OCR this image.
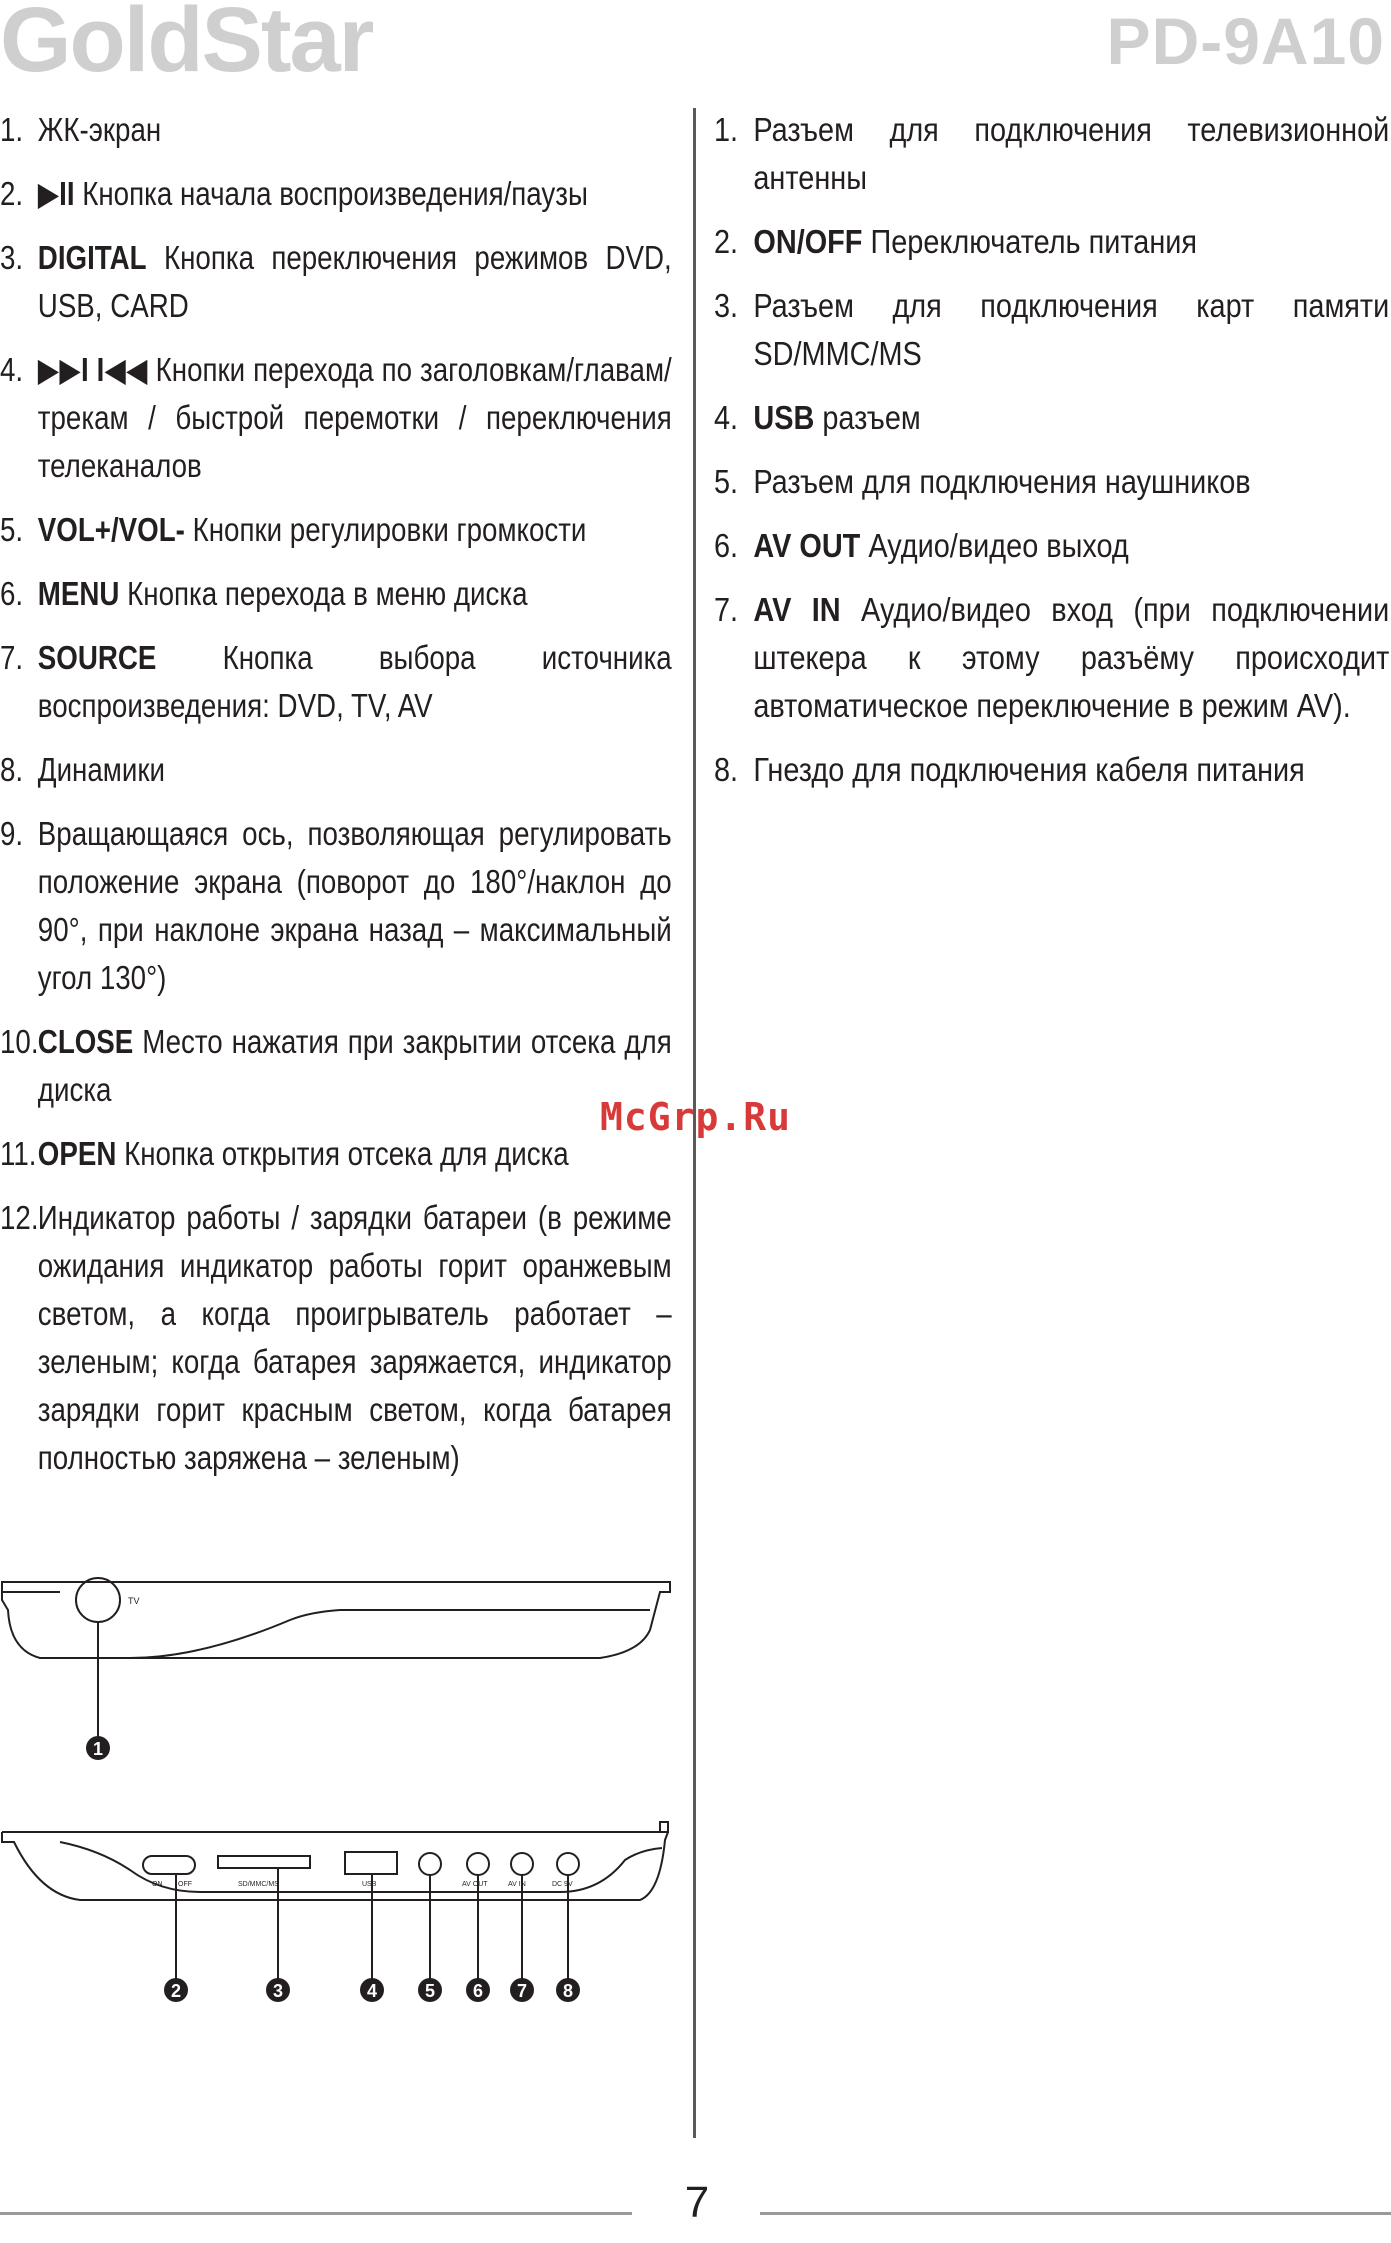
GoldStar	PD-9A10
1. ЖК-экран
2. ▶II Кнопка начала воспроизведения/паузы
3. DIGITAL Кнопка переключения режимов DVD, USB, CARD
4. ▶▶I I◀◀ Кнопки перехода по заголовкам/главам/трекам / быстрой перемотки / переключения телеканалов
5. VOL+/VOL- Кнопки регулировки громкости
6. MENU Кнопка перехода в меню диска
7. SOURCE Кнопка выбора источника воспроизведения: DVD, TV, AV
8. Динамики
9. Вращающаяся ось, позволяющая регулировать положение экрана (поворот до 180°/наклон до 90°, при наклоне экрана назад – максимальный угол 130°)
10. CLOSE Место нажатия при закрытии отсека для диска
11. OPEN Кнопка открытия отсека для диска
12. Индикатор работы / зарядки батареи (в режиме ожидания индикатор работы горит оранжевым светом, а когда проигрыватель работает – зеленым; когда батарея заряжается, индикатор зарядки горит красным светом, когда батарея полностью заряжена – зеленым)
1. Разъем для подключения телевизионной антенны
2. ON/OFF Переключатель питания
3. Разъем для подключения карт памяти SD/MMC/MS
4. USB разъем
5. Разъем для подключения наушников
6. AV OUT Аудио/видео выход
7. AV IN Аудио/видео вход (при подключении штекера к этому разъёму происходит автоматическое переключение в режим AV).
8. Гнездо для подключения кабеля питания
McGrp.Ru
TV
1
ON OFF	SD/MMC/MS	USB	AV OUT	AV IN	DC 9V
2	3	4	5 6 7 8
7
